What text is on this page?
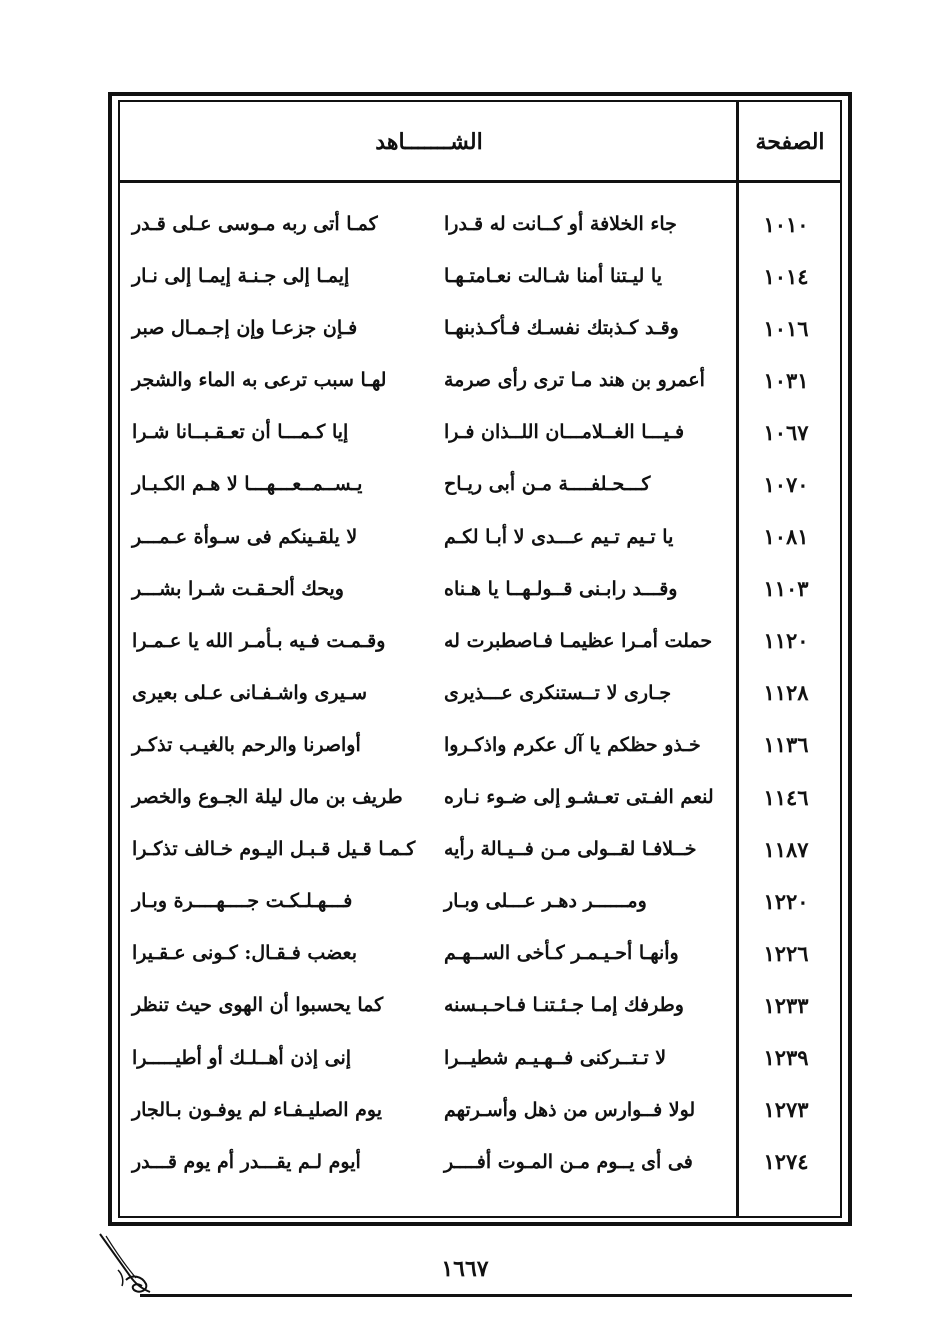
الصفحة
الشـــــــاهد
١٠١٠
جاء الخلافة أو كــانت له قـدرا
كمـا أتى ربه مـوسى عـلى قـدر
١٠١٤
يا ليـتنا أمنا شـالت نعـامتـهـا
إيمـا إلى جـنـة إيمـا إلى نـار
١٠١٦
وقـد كـذبتك نفسـك فـأكـذبنهـا
فـإن جزعـا وإن إجـمـال صبر
١٠٣١
أعمرو بن هند مـا ترى رأى صرمة
لهـا سبب ترعى به الماء والشجر
١٠٦٧
فـيـــا الغــلامـــان اللــذان فـرا
إيا كـمـــا أن تعـقـبــانا شـرا
١٠٧٠
كـــحـلفــــة مـن أبى ريـاح
يـســمــعـــهـــا لا هـم الكـبـار
١٠٨١
يا تـيم تـيم عـــدى لا أبـا لكـم
لا يلقـينكم فى سـوأة عـمـــر
١١٠٣
وقـــد رابـنى قــولـهــا يا هـناه
ويحك ألحـقـت شـرا بشـــر
١١٢٠
حملت أمـرا عظيمـا فـاصطبرت له
وقـمـت فـيه بـأمـر الله يا عـمـرا
١١٢٨
جـارى لا تــستنكرى عـــذيرى
سـيرى واشـفـانى عـلى بعيرى
١١٣٦
خـذو حظكم يا آل عكرم واذكـروا
أواصرنا والرحم بالغيـب تذكـر
١١٤٦
لنعم الفـتى تعـشـو إلى ضـوء نـاره
طريف بن مال ليلة الجـوع والخصر
١١٨٧
خــلافـا لقــولى مـن فــيـالة رأيه
كـمـا قـيل قـبـل اليـوم خـالف تذكـرا
١٢٢٠
ومــــــر دهـر عـــلى وبـار
فـــهـلـكـت جــــهــــرة وبـار
١٢٢٦
وأنهـا أحـيـمـر كـأخى الســهـم
بعضب فـقـال: كـونى عـقـيرا
١٢٣٣
وطرفك إمـا جـئـتنـا فـاحـبـسنه
كما يحسبوا أن الهوى حيث تنظر
١٢٣٩
لا تـتــركنى فــهـيـم شطيــرا
إنى إذن أهــلـك أو أطيـــــرا
١٢٧٣
لولا فــوارس من ذهل وأسـرتهم
يوم الصليـفـاء لم يوفـون بـالجار
١٢٧٤
فى أى يــوم مـن المـوت أفــــر
أيوم لـم يقـــدر أم يوم قـــدر
١٦٦٧
